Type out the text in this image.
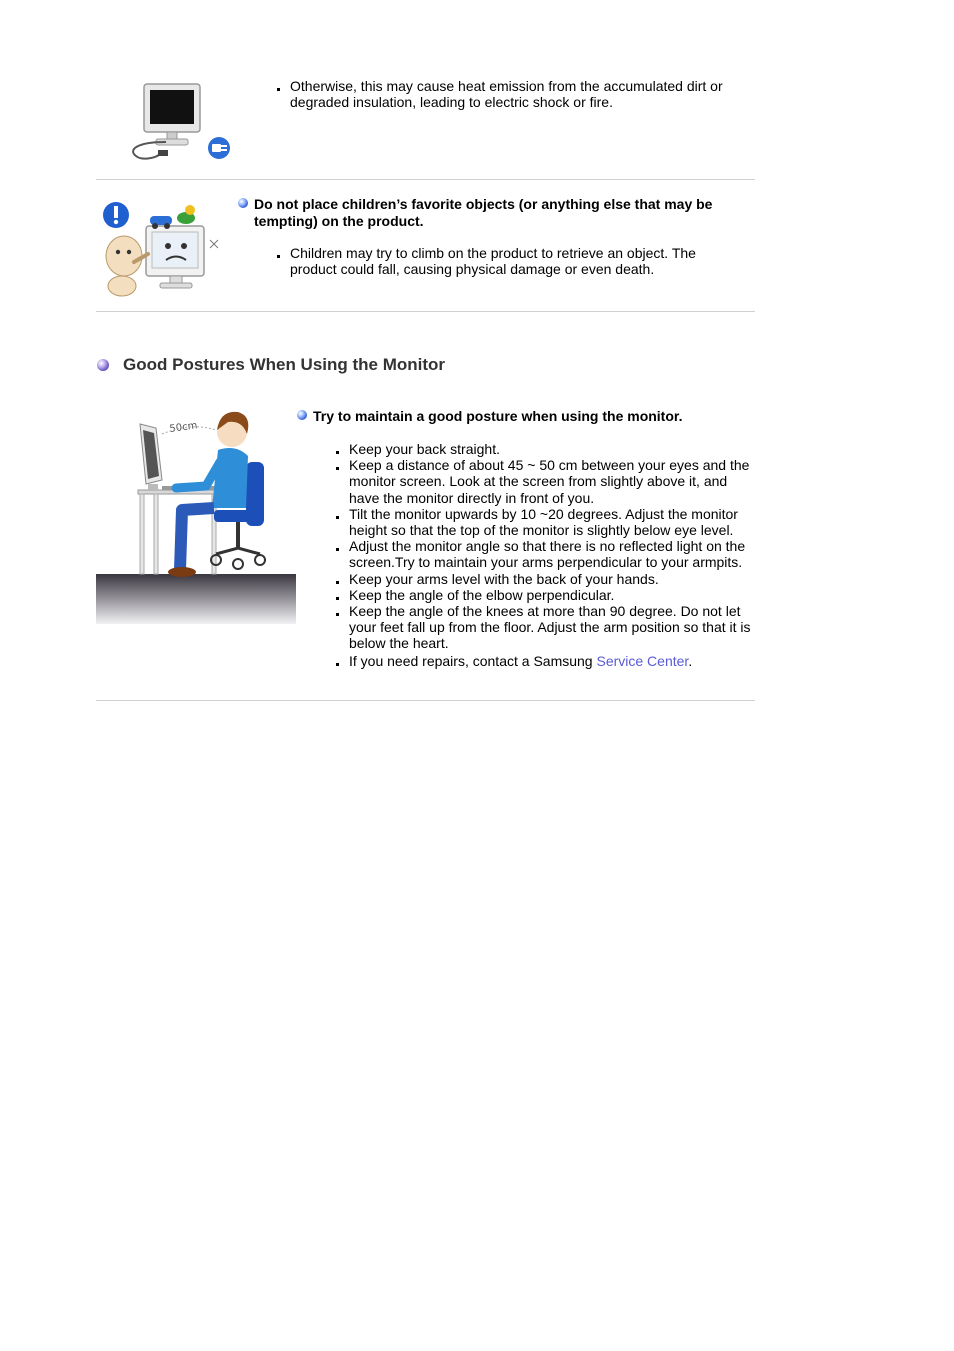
Otherwise, this may cause heat emission from the accumulated dirt or degraded insulation, leading to electric shock or fire.
Do not place children’s favorite objects (or anything else that may be tempting) on the product.
Children may try to climb on the product to retrieve an object. The product could fall, causing physical damage or even death.
Good Postures When Using the Monitor
50cm
Try to maintain a good posture when using the monitor.
Keep your back straight.
Keep a distance of about 45 ~ 50 cm between your eyes and the monitor screen. Look at the screen from slightly above it, and have the monitor directly in front of you.
Tilt the monitor upwards by 10 ~20 degrees. Adjust the monitor height so that the top of the monitor is slightly below eye level.
Adjust the monitor angle so that there is no reflected light on the screen.Try to maintain your arms perpendicular to your armpits.
Keep your arms level with the back of your hands.
Keep the angle of the elbow perpendicular.
Keep the angle of the knees at more than 90 degree. Do not let your feet fall up from the floor. Adjust the arm position so that it is below the heart.
If you need repairs, contact a Samsung Service Center.
